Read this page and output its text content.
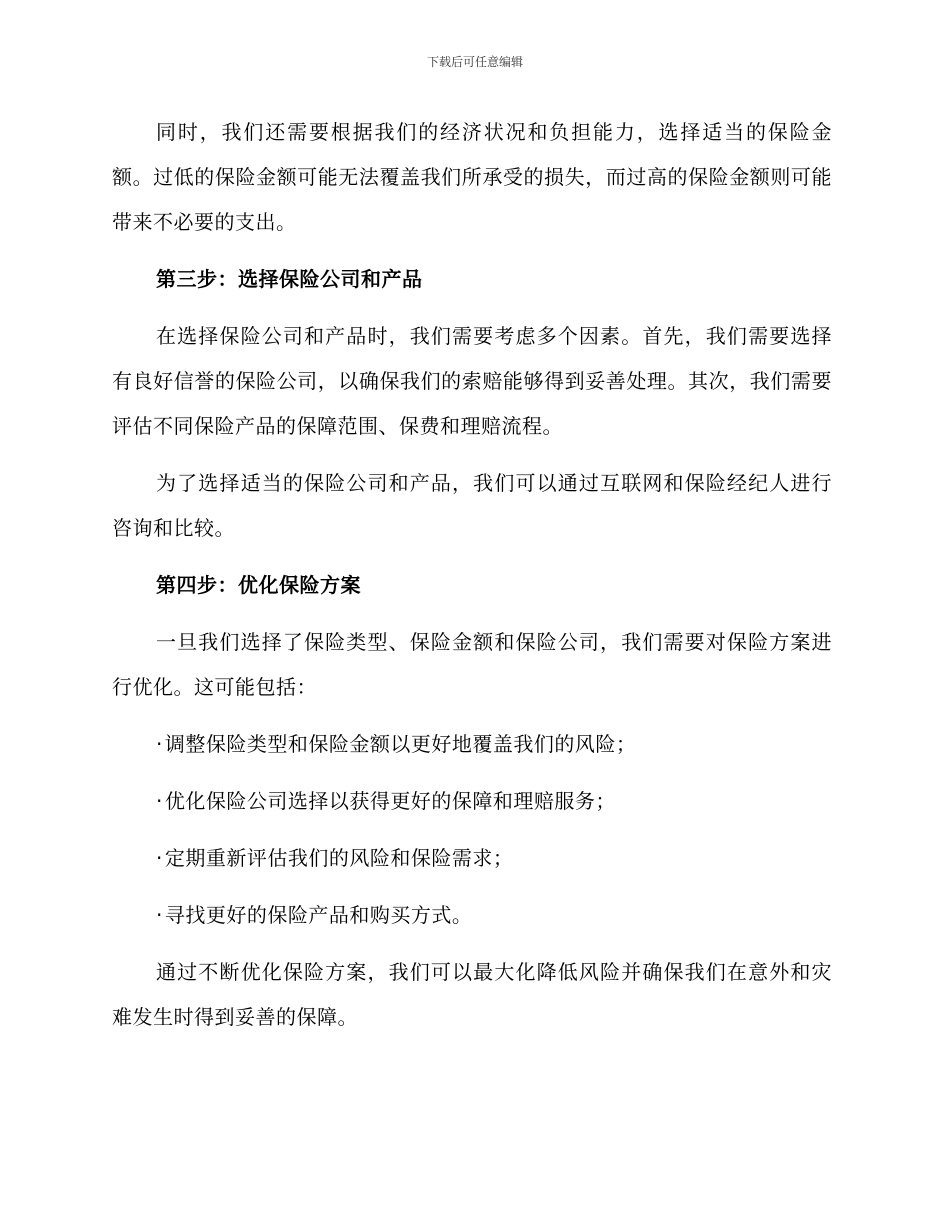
下载后可任意编辑

同时，我们还需要根据我们的经济状况和负担能力，选择适当的保险金额。过低的保险金额可能无法覆盖我们所承受的损失，而过高的保险金额则可能带来不必要的支出。

第三步：选择保险公司和产品

在选择保险公司和产品时，我们需要考虑多个因素。首先，我们需要选择有良好信誉的保险公司，以确保我们的索赔能够得到妥善处理。其次，我们需要评估不同保险产品的保障范围、保费和理赔流程。

为了选择适当的保险公司和产品，我们可以通过互联网和保险经纪人进行咨询和比较。

第四步：优化保险方案

一旦我们选择了保险类型、保险金额和保险公司，我们需要对保险方案进行优化。这可能包括：

· 调整保险类型和保险金额以更好地覆盖我们的风险；

· 优化保险公司选择以获得更好的保障和理赔服务；

· 定期重新评估我们的风险和保险需求；

· 寻找更好的保险产品和购买方式。

通过不断优化保险方案，我们可以最大化降低风险并确保我们在意外和灾难发生时得到妥善的保障。
